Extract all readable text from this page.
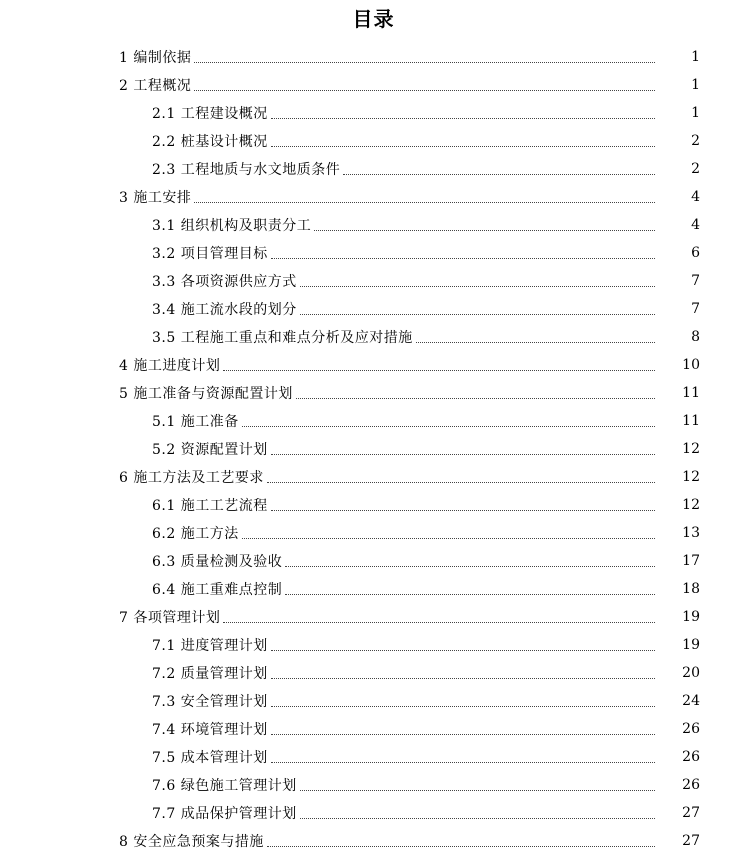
目录
1 编制依据	1
2 工程概况	1
2.1 工程建设概况	1
2.2 桩基设计概况	2
2.3 工程地质与水文地质条件	2
3 施工安排	4
3.1 组织机构及职责分工	4
3.2 项目管理目标	6
3.3 各项资源供应方式	7
3.4 施工流水段的划分	7
3.5 工程施工重点和难点分析及应对措施	8
4 施工进度计划	10
5 施工准备与资源配置计划	11
5.1 施工准备	11
5.2 资源配置计划	12
6 施工方法及工艺要求	12
6.1 施工工艺流程	12
6.2 施工方法	13
6.3 质量检测及验收	17
6.4 施工重难点控制	18
7 各项管理计划	19
7.1 进度管理计划	19
7.2 质量管理计划	20
7.3 安全管理计划	24
7.4 环境管理计划	26
7.5 成本管理计划	26
7.6 绿色施工管理计划	26
7.7 成品保护管理计划	27
8 安全应急预案与措施	27
